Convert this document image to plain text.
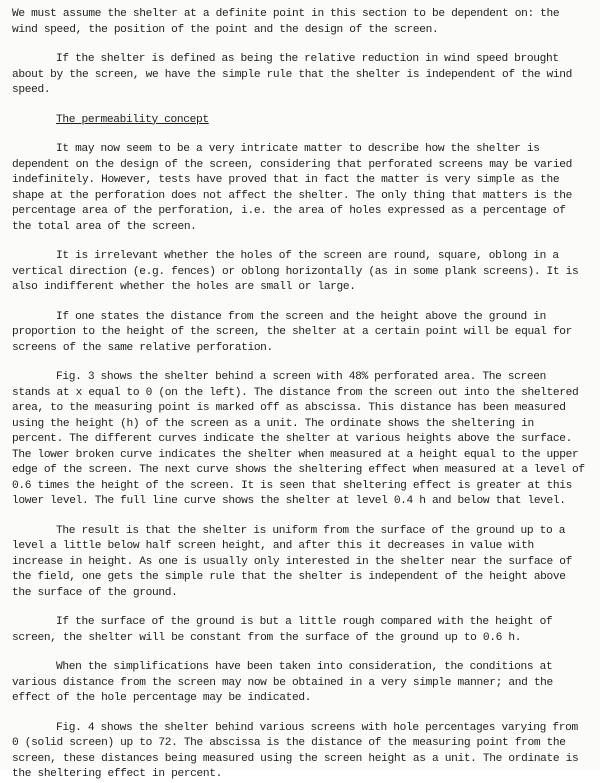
We must assume the shelter at a definite point in this section to be dependent on: the wind speed, the position of the point and the design of the screen.

If the shelter is defined as being the relative reduction in wind speed brought about by the screen, we have the simple rule that the shelter is independent of the wind speed.

The permeability concept

It may now seem to be a very intricate matter to describe how the shelter is dependent on the design of the screen, considering that perforated screens may be varied indefinitely. However, tests have proved that in fact the matter is very simple as the shape at the perforation does not affect the shelter. The only thing that matters is the percentage area of the perforation, i.e. the area of holes expressed as a percentage of the total area of the screen.

It is irrelevant whether the holes of the screen are round, square, oblong in a vertical direction (e.g. fences) or oblong horizontally (as in some plank screens). It is also indifferent whether the holes are small or large.

If one states the distance from the screen and the height above the ground in proportion to the height of the screen, the shelter at a certain point will be equal for screens of the same relative perforation.

Fig. 3 shows the shelter behind a screen with 48% perforated area. The screen stands at x equal to 0 (on the left). The distance from the screen out into the sheltered area, to the measuring point is marked off as abscissa. This distance has been measured using the height (h) of the screen as a unit. The ordinate shows the sheltering in percent. The different curves indicate the shelter at various heights above the surface. The lower broken curve indicates the shelter when measured at a height equal to the upper edge of the screen. The next curve shows the sheltering effect when measured at a level of 0.6 times the height of the screen. It is seen that sheltering effect is greater at this lower level. The full line curve shows the shelter at level 0.4 h and below that level.

The result is that the shelter is uniform from the surface of the ground up to a level a little below half screen height, and after this it decreases in value with increase in height. As one is usually only interested in the shelter near the surface of the field, one gets the simple rule that the shelter is independent of the height above the surface of the ground.

If the surface of the ground is but a little rough compared with the height of screen, the shelter will be constant from the surface of the ground up to 0.6 h.

When the simplifications have been taken into consideration, the conditions at various distance from the screen may now be obtained in a very simple manner; and the effect of the hole percentage may be indicated.

Fig. 4 shows the shelter behind various screens with hole percentages varying from 0 (solid screen) up to 72. The abscissa is the distance of the measuring point from the screen, these distances being measured using the screen height as a unit. The ordinate is the sheltering effect in percent.
